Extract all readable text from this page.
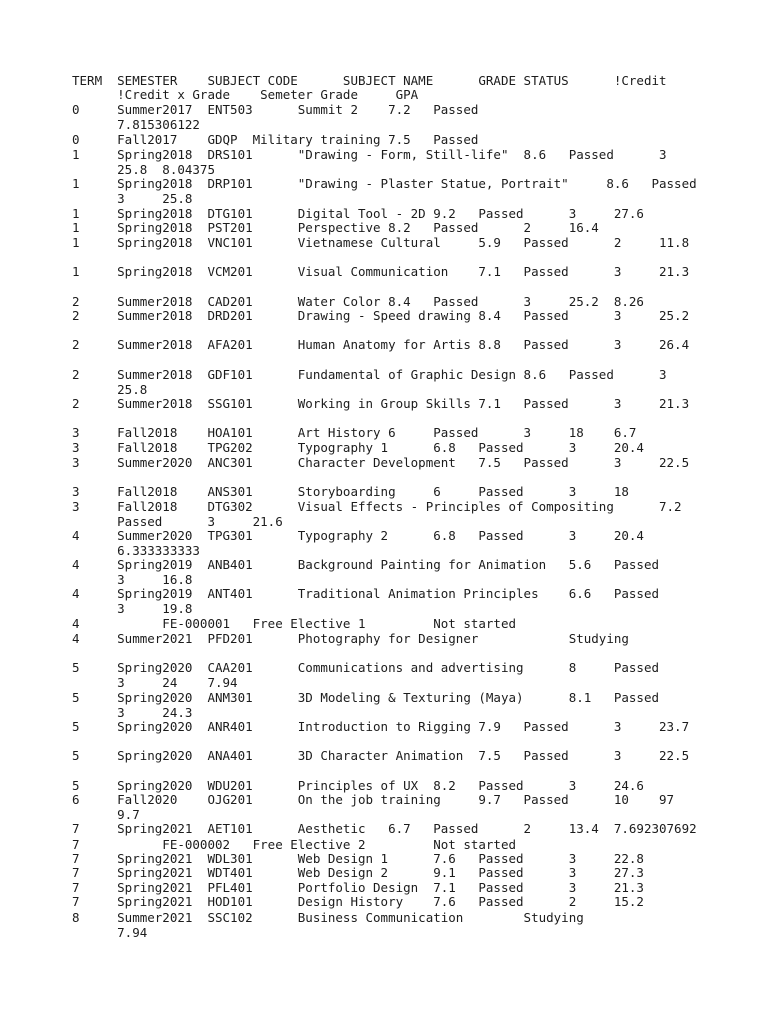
TERM  SEMESTER    SUBJECT CODE      SUBJECT NAME      GRADE STATUS      !Credit
!Credit x Grade    Semeter Grade     GPA
0     Summer2017  ENT503      Summit 2    7.2   Passed
7.815306122
0     Fall2017    GDQP  Military training 7.5   Passed
1     Spring2018  DRS101      "Drawing - Form, Still-life"  8.6   Passed      3
25.8  8.04375
1     Spring2018  DRP101      "Drawing - Plaster Statue, Portrait"     8.6   Passed
3     25.8
1     Spring2018  DTG101      Digital Tool - 2D 9.2   Passed      3     27.6
1     Spring2018  PST201      Perspective 8.2   Passed      2     16.4
1     Spring2018  VNC101      Vietnamese Cultural     5.9   Passed      2     11.8
1     Spring2018  VCM201      Visual Communication    7.1   Passed      3     21.3
2     Summer2018  CAD201      Water Color 8.4   Passed      3     25.2  8.26
2     Summer2018  DRD201      Drawing - Speed drawing 8.4   Passed      3     25.2
2     Summer2018  AFA201      Human Anatomy for Artis 8.8   Passed      3     26.4
2     Summer2018  GDF101      Fundamental of Graphic Design 8.6   Passed      3
25.8
2     Summer2018  SSG101      Working in Group Skills 7.1   Passed      3     21.3
3     Fall2018    HOA101      Art History 6     Passed      3     18    6.7
3     Fall2018    TPG202      Typography 1      6.8   Passed      3     20.4
3     Summer2020  ANC301      Character Development   7.5   Passed      3     22.5
3     Fall2018    ANS301      Storyboarding     6     Passed      3     18
3     Fall2018    DTG302      Visual Effects - Principles of Compositing      7.2
Passed      3     21.6
4     Summer2020  TPG301      Typography 2      6.8   Passed      3     20.4
6.333333333
4     Spring2019  ANB401      Background Painting for Animation   5.6   Passed
3     16.8
4     Spring2019  ANT401      Traditional Animation Principles    6.6   Passed
3     19.8
4           FE-000001   Free Elective 1         Not started
4     Summer2021  PFD201      Photography for Designer            Studying
5     Spring2020  CAA201      Communications and advertising      8     Passed
3     24    7.94
5     Spring2020  ANM301      3D Modeling & Texturing (Maya)      8.1   Passed
3     24.3
5     Spring2020  ANR401      Introduction to Rigging 7.9   Passed      3     23.7
5     Spring2020  ANA401      3D Character Animation  7.5   Passed      3     22.5
5     Spring2020  WDU201      Principles of UX  8.2   Passed      3     24.6
6     Fall2020    OJG201      On the job training     9.7   Passed      10    97
9.7
7     Spring2021  AET101      Aesthetic   6.7   Passed      2     13.4  7.692307692
7           FE-000002   Free Elective 2         Not started
7     Spring2021  WDL301      Web Design 1      7.6   Passed      3     22.8
7     Spring2021  WDT401      Web Design 2      9.1   Passed      3     27.3
7     Spring2021  PFL401      Portfolio Design  7.1   Passed      3     21.3
7     Spring2021  HOD101      Design History    7.6   Passed      2     15.2
8     Summer2021  SSC102      Business Communication        Studying
7.94
